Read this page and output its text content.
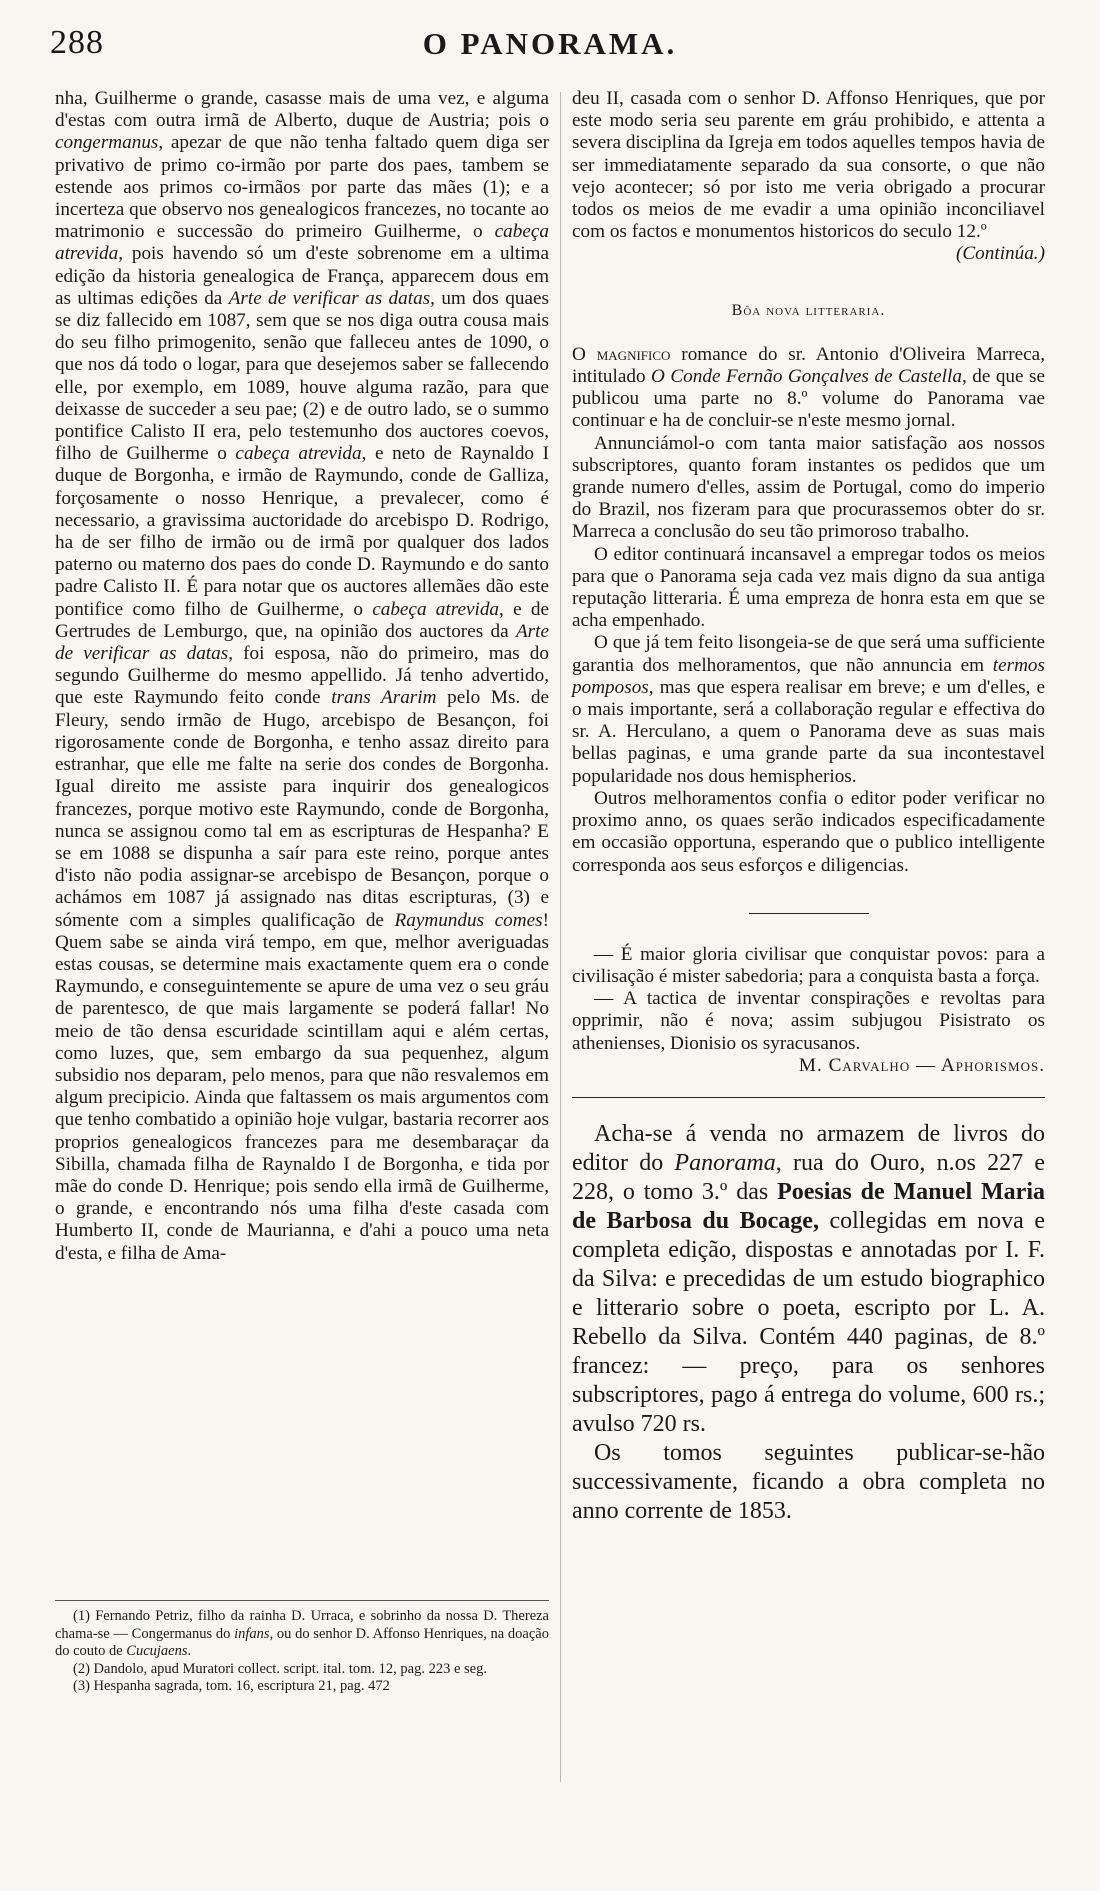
288	O PANORAMA.

nha, Guilherme o grande, casasse mais de uma vez, e alguma d'estas com outra irmã de Alberto, duque de Austria; pois o congermanus, apezar de que não tenha faltado quem diga ser privativo de primo co-irmão por parte dos paes, tambem se estende aos primos co-irmãos por parte das mães (1); e a incerteza que observo nos genealogicos francezes, no tocante ao matrimonio e successão do primeiro Guilherme, o cabeça atrevida, pois havendo só um d'este sobrenome em a ultima edição da historia genealogica de França, apparecem dous em as ultimas edições da Arte de verificar as datas, um dos quaes se diz fallecido em 1087, sem que se nos diga outra cousa mais do seu filho primogenito, senão que falleceu antes de 1090, o que nos dá todo o logar, para que desejemos saber se fallecendo elle, por exemplo, em 1089, houve alguma razão, para que deixasse de succeder a seu pae; (2) e de outro lado, se o summo pontifice Calisto II era, pelo testemunho dos auctores coevos, filho de Guilherme o cabeça atrevida, e neto de Raynaldo I duque de Borgonha, e irmão de Raymundo, conde de Galliza, forçosamente o nosso Henrique, a prevalecer, como é necessario, a gravissima auctoridade do arcebispo D. Rodrigo, ha de ser filho de irmão ou de irmã por qualquer dos lados paterno ou materno dos paes do conde D. Raymundo e do santo padre Calisto II. É para notar que os auctores allemães dão este pontifice como filho de Guilherme, o cabeça atrevida, e de Gertrudes de Lemburgo, que, na opinião dos auctores da Arte de verificar as datas, foi esposa, não do primeiro, mas do segundo Guilherme do mesmo appellido. Já tenho advertido, que este Raymundo feito conde trans Ararim pelo Ms. de Fleury, sendo irmão de Hugo, arcebispo de Besançon, foi rigorosamente conde de Borgonha, e tenho assaz direito para estranhar, que elle me falte na serie dos condes de Borgonha. Igual direito me assiste para inquirir dos genealogicos francezes, porque motivo este Raymundo, conde de Borgonha, nunca se assignou como tal em as escripturas de Hespanha? E se em 1088 se dispunha a saír para este reino, porque antes d'isto não podia assignar-se arcebispo de Besançon, porque o achámos em 1087 já assignado nas ditas escripturas, (3) e sómente com a simples qualificação de Raymundus comes! Quem sabe se ainda virá tempo, em que, melhor averiguadas estas cousas, se determine mais exactamente quem era o conde Raymundo, e conseguintemente se apure de uma vez o seu gráu de parentesco, de que mais largamente se poderá fallar! No meio de tão densa escuridade scintillam aqui e além certas, como luzes, que, sem embargo da sua pequenhez, algum subsidio nos deparam, pelo menos, para que não resvalemos em algum precipicio. Ainda que faltassem os mais argumentos com que tenho combatido a opinião hoje vulgar, bastaria recorrer aos proprios genealogicos francezes para me desembaraçar da Sibilla, chamada filha de Raynaldo I de Borgonha, e tida por mãe do conde D. Henrique; pois sendo ella irmã de Guilherme, o grande, e encontrando nós uma filha d'este casada com Humberto II, conde de Maurianna, e d'ahi a pouco uma neta d'esta, e filha de Ama-

(1) Fernando Petriz, filho da rainha D. Urraca, e sobrinho da nossa D. Thereza chama-se — Congermanus do infans, ou do senhor D. Affonso Henriques, na doação do couto de Cucujaens.

(2) Dandolo, apud Muratori collect. script. ital. tom. 12, pag. 223 e seg.

(3) Hespanha sagrada, tom. 16, escriptura 21, pag. 472

deu II, casada com o senhor D. Affonso Henriques, que por este modo seria seu parente em gráu prohibido, e attenta a severa disciplina da Igreja em todos aquelles tempos havia de ser immediatamente separado da sua consorte, o que não vejo acontecer; só por isto me veria obrigado a procurar todos os meios de me evadir a uma opinião inconciliavel com os factos e monumentos historicos do seculo 12.º

(Continúa.)

Bôa nova litteraria.

O magnifico romance do sr. Antonio d'Oliveira Marreca, intitulado O Conde Fernão Gonçalves de Castella, de que se publicou uma parte no 8.º volume do Panorama vae continuar e ha de concluir-se n'este mesmo jornal.

Annunciámol-o com tanta maior satisfação aos nossos subscriptores, quanto foram instantes os pedidos que um grande numero d'elles, assim de Portugal, como do imperio do Brazil, nos fizeram para que procurassemos obter do sr. Marreca a conclusão do seu tão primoroso trabalho.

O editor continuará incansavel a empregar todos os meios para que o Panorama seja cada vez mais digno da sua antiga reputação litteraria. É uma empreza de honra esta em que se acha empenhado.

O que já tem feito lisongeia-se de que será uma sufficiente garantia dos melhoramentos, que não annuncia em termos pomposos, mas que espera realisar em breve; e um d'elles, e o mais importante, será a collaboração regular e effectiva do sr. A. Herculano, a quem o Panorama deve as suas mais bellas paginas, e uma grande parte da sua incontestavel popularidade nos dous hemispherios.

Outros melhoramentos confia o editor poder verificar no proximo anno, os quaes serão indicados especificadamente em occasião opportuna, esperando que o publico intelligente corresponda aos seus esforços e diligencias.

— É maior gloria civilisar que conquistar povos: para a civilisação é mister sabedoria; para a conquista basta a força.

— A tactica de inventar conspirações e revoltas para opprimir, não é nova; assim subjugou Pisistrato os athenienses, Dionisio os syracusanos.

M. Carvalho — Aphorismos.

Acha-se á venda no armazem de livros do editor do Panorama, rua do Ouro, n.os 227 e 228, o tomo 3.º das Poesias de Manuel Maria de Barbosa du Bocage, collegidas em nova e completa edição, dispostas e annotadas por I. F. da Silva: e precedidas de um estudo biographico e litterario sobre o poeta, escripto por L. A. Rebello da Silva. Contém 440 paginas, de 8.º francez: — preço, para os senhores subscriptores, pago á entrega do volume, 600 rs.; avulso 720 rs.

Os tomos seguintes publicar-se-hão successivamente, ficando a obra completa no anno corrente de 1853.
